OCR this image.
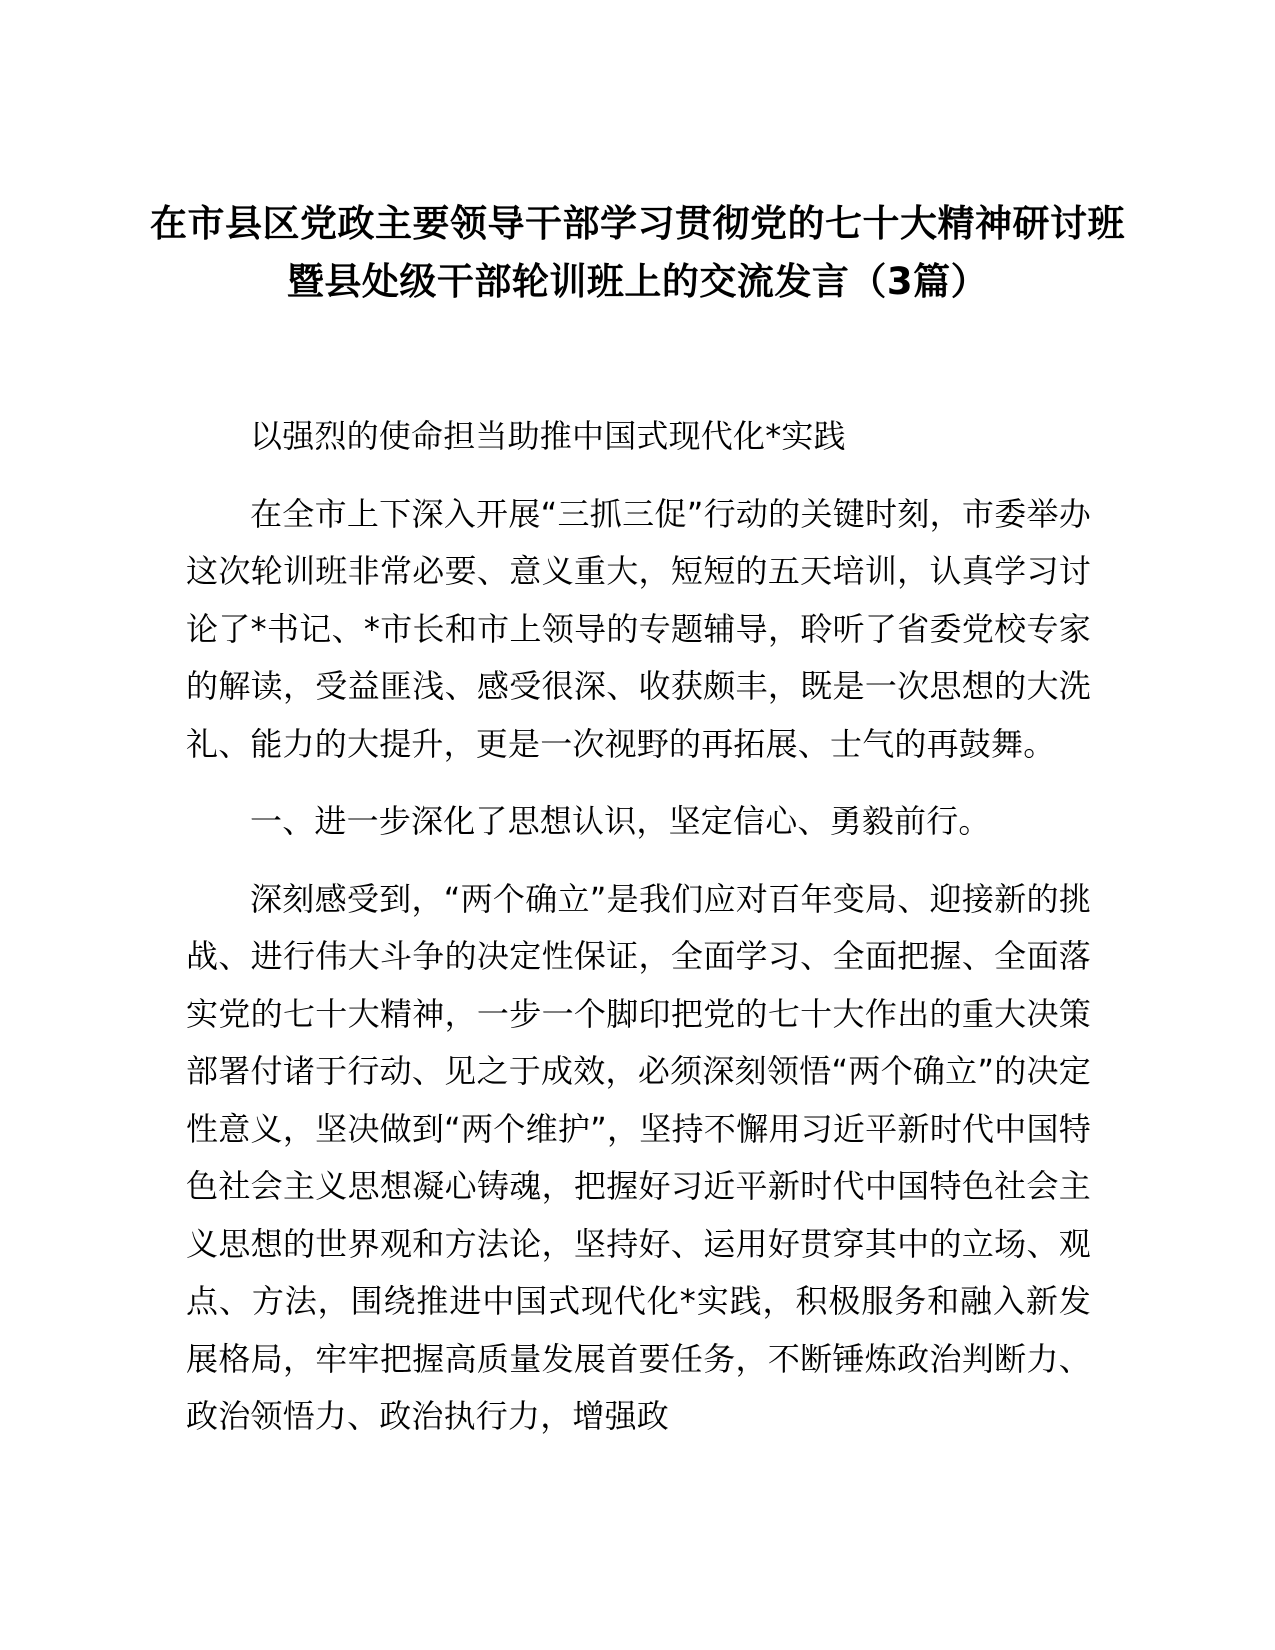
在市县区党政主要领导干部学习贯彻党的七十大精神研讨班暨县处级干部轮训班上的交流发言（3篇）

以强烈的使命担当助推中国式现代化*实践

在全市上下深入开展“三抓三促”行动的关键时刻，市委举办这次轮训班非常必要、意义重大，短短的五天培训，认真学习讨论了*书记、*市长和市上领导的专题辅导，聆听了省委党校专家的解读，受益匪浅、感受很深、收获颇丰，既是一次思想的大洗礼、能力的大提升，更是一次视野的再拓展、士气的再鼓舞。

一、进一步深化了思想认识，坚定信心、勇毅前行。

深刻感受到，“两个确立”是我们应对百年变局、迎接新的挑战、进行伟大斗争的决定性保证，全面学习、全面把握、全面落实党的七十大精神，一步一个脚印把党的七十大作出的重大决策部署付诸于行动、见之于成效，必须深刻领悟“两个确立”的决定性意义，坚决做到“两个维护”，坚持不懈用习近平新时代中国特色社会主义思想凝心铸魂，把握好习近平新时代中国特色社会主义思想的世界观和方法论，坚持好、运用好贯穿其中的立场、观点、方法，围绕推进中国式现代化*实践，积极服务和融入新发展格局，牢牢把握高质量发展首要任务，不断锤炼政治判断力、政治领悟力、政治执行力，增强政
